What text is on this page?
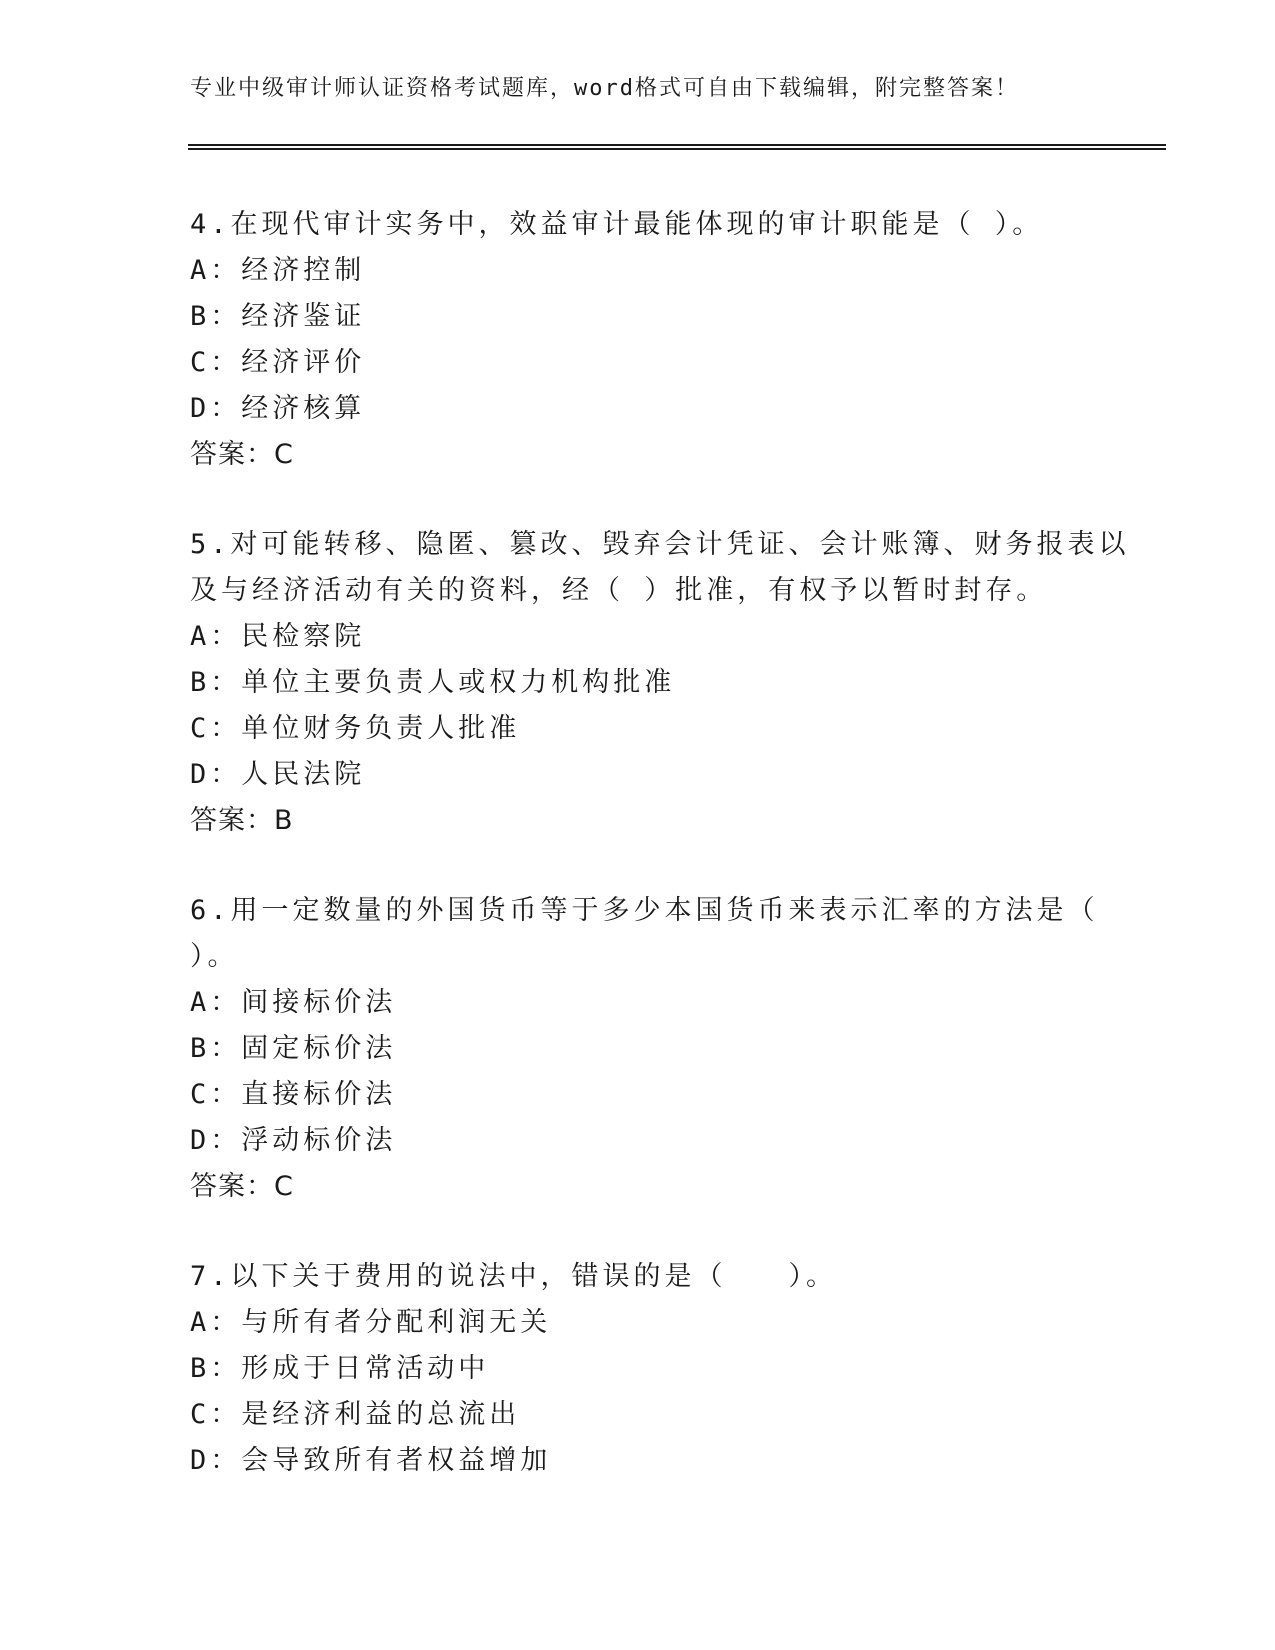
专业中级审计师认证资格考试题库，word格式可自由下载编辑，附完整答案！
4.在现代审计实务中，效益审计最能体现的审计职能是（ ）。
A：经济控制
B：经济鉴证
C：经济评价
D：经济核算
答案：C
5.对可能转移、隐匿、篡改、毁弃会计凭证、会计账簿、财务报表以
及与经济活动有关的资料，经（ ）批准，有权予以暂时封存。
A：民检察院
B：单位主要负责人或权力机构批准
C：单位财务负责人批准
D：人民法院
答案：B
6.用一定数量的外国货币等于多少本国货币来表示汇率的方法是（
）。
A：间接标价法
B：固定标价法
C：直接标价法
D：浮动标价法
答案：C
7.以下关于费用的说法中，错误的是（　　）。
A：与所有者分配利润无关
B：形成于日常活动中
C：是经济利益的总流出
D：会导致所有者权益增加
